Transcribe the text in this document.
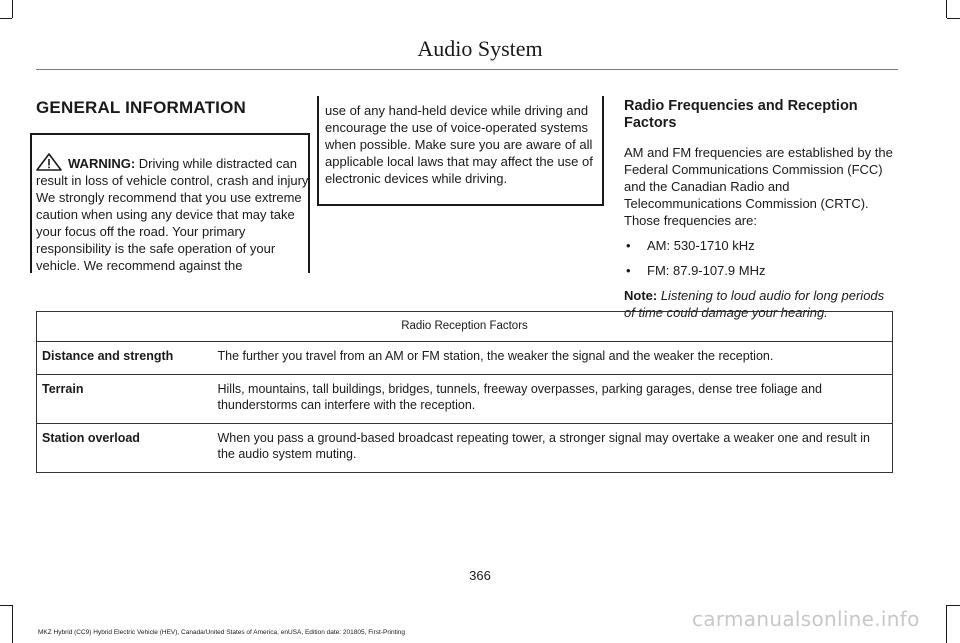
Audio System
GENERAL INFORMATION
WARNING: Driving while distracted can result in loss of vehicle control, crash and injury. We strongly recommend that you use extreme caution when using any device that may take your focus off the road. Your primary responsibility is the safe operation of your vehicle. We recommend against the
use of any hand-held device while driving and encourage the use of voice-operated systems when possible. Make sure you are aware of all applicable local laws that may affect the use of electronic devices while driving.
Radio Frequencies and Reception Factors
AM and FM frequencies are established by the Federal Communications Commission (FCC) and the Canadian Radio and Telecommunications Commission (CRTC). Those frequencies are:
• AM: 530-1710 kHz
• FM: 87.9-107.9 MHz
Note: Listening to loud audio for long periods of time could damage your hearing.
Radio Reception Factors	
Distance and strength	The further you travel from an AM or FM station, the weaker the signal and the weaker the reception.
Terrain	Hills, mountains, tall buildings, bridges, tunnels, freeway overpasses, parking garages, dense tree foliage and thunderstorms can interfere with the reception.
Station overload	When you pass a ground-based broadcast repeating tower, a stronger signal may overtake a weaker one and result in the audio system muting.
366
MKZ Hybrid (CC9) Hybrid Electric Vehicle (HEV), Canada/United States of America, enUSA, Edition date: 201805, First-Printing
carmanualsonline.info
